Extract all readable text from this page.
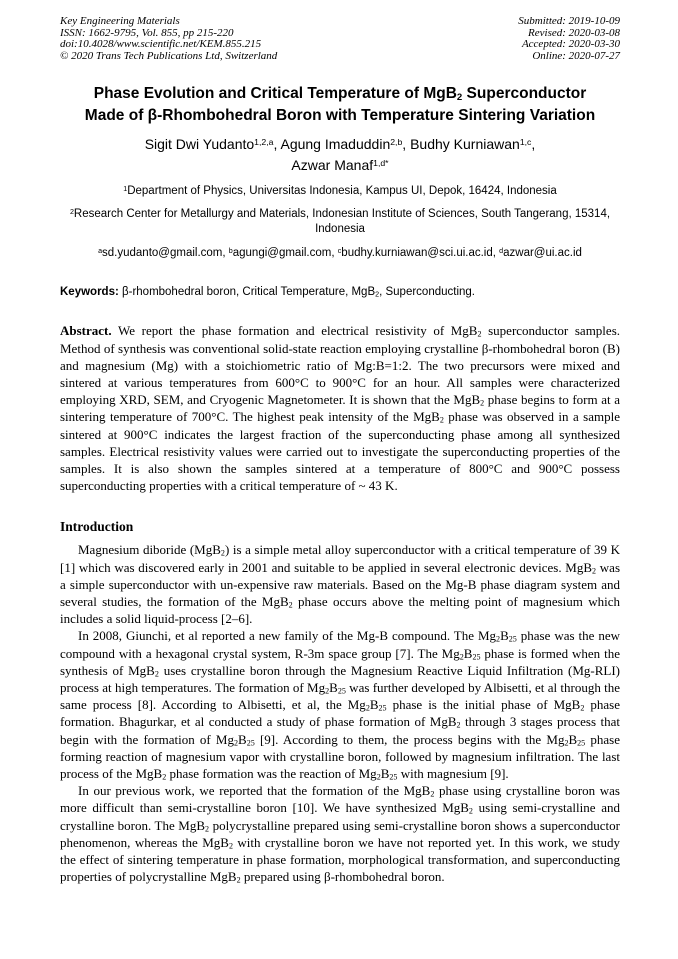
Key Engineering Materials
ISSN: 1662-9795, Vol. 855, pp 215-220
doi:10.4028/www.scientific.net/KEM.855.215
© 2020 Trans Tech Publications Ltd, Switzerland
Submitted: 2019-10-09
Revised: 2020-03-08
Accepted: 2020-03-30
Online: 2020-07-27
Phase Evolution and Critical Temperature of MgB$_2$ Superconductor
Made of β-Rhombohedral Boron with Temperature Sintering Variation
Sigit Dwi Yudanto$^{1,2,a}$, Agung Imaduddin$^{2,b}$, Budhy Kurniawan$^{1,c}$,
Azwar Manaf$^{1,d*}$
$^1$Department of Physics, Universitas Indonesia, Kampus UI, Depok, 16424, Indonesia
$^2$Research Center for Metallurgy and Materials, Indonesian Institute of Sciences, South Tangerang, 15314, Indonesia
$^a$sd.yudanto@gmail.com, $^b$agungi@gmail.com, $^c$budhy.kurniawan@sci.ui.ac.id, $^d$azwar@ui.ac.id

Keywords: β-rhombohedral boron, Critical Temperature, MgB$_2$, Superconducting.

Abstract. We report the phase formation and electrical resistivity of MgB$_2$ superconductor samples. Method of synthesis was conventional solid-state reaction employing crystalline β-rhombohedral boron (B) and magnesium (Mg) with a stoichiometric ratio of Mg:B=1:2. The two precursors were mixed and sintered at various temperatures from 600°C to 900°C for an hour. All samples were characterized employing XRD, SEM, and Cryogenic Magnetometer. It is shown that the MgB$_2$ phase begins to form at a sintering temperature of 700°C. The highest peak intensity of the MgB$_2$ phase was observed in a sample sintered at 900°C indicates the largest fraction of the superconducting phase among all synthesized samples. Electrical resistivity values were carried out to investigate the superconducting properties of the samples. It is also shown the samples sintered at a temperature of 800°C and 900°C possess superconducting properties with a critical temperature of ~ 43 K.

Introduction

Magnesium diboride (MgB$_2$) is a simple metal alloy superconductor with a critical temperature of 39 K [1] which was discovered early in 2001 and suitable to be applied in several electronic devices. MgB$_2$ was a simple superconductor with un-expensive raw materials. Based on the Mg-B phase diagram system and several studies, the formation of the MgB$_2$ phase occurs above the melting point of magnesium which includes a solid liquid-process [2–6].

In 2008, Giunchi, et al reported a new family of the Mg-B compound. The $Mg_2B_{25}$ phase was the new compound with a hexagonal crystal system, R-3m space group [7]. The $Mg_2B_{25}$ phase is formed when the synthesis of MgB$_2$ uses crystalline boron through the Magnesium Reactive Liquid Infiltration (Mg-RLI) process at high temperatures. The formation of $Mg_2B_{25}$ was further developed by Albisetti, et al through the same process [8]. According to Albisetti, et al, the $Mg_2B_{25}$ phase is the initial phase of MgB$_2$ phase formation. Bhagurkar, et al conducted a study of phase formation of MgB$_2$ through 3 stages process that begin with the formation of $Mg_2B_{25}$ [9]. According to them, the process begins with the $Mg_2B_{25}$ phase forming reaction of magnesium vapor with crystalline boron, followed by magnesium infiltration. The last process of the MgB$_2$ phase formation was the reaction of $Mg_2B_{25}$ with magnesium [9].

In our previous work, we reported that the formation of the MgB$_2$ phase using crystalline boron was more difficult than semi-crystalline boron [10]. We have synthesized MgB$_2$ using semi-crystalline and crystalline boron. The MgB$_2$ polycrystalline prepared using semi-crystalline boron shows a superconductor phenomenon, whereas the MgB$_2$ with crystalline boron we have not reported yet. In this work, we study the effect of sintering temperature in phase formation, morphological transformation, and superconducting properties of polycrystalline MgB$_2$ prepared using β-rhombohedral boron.
